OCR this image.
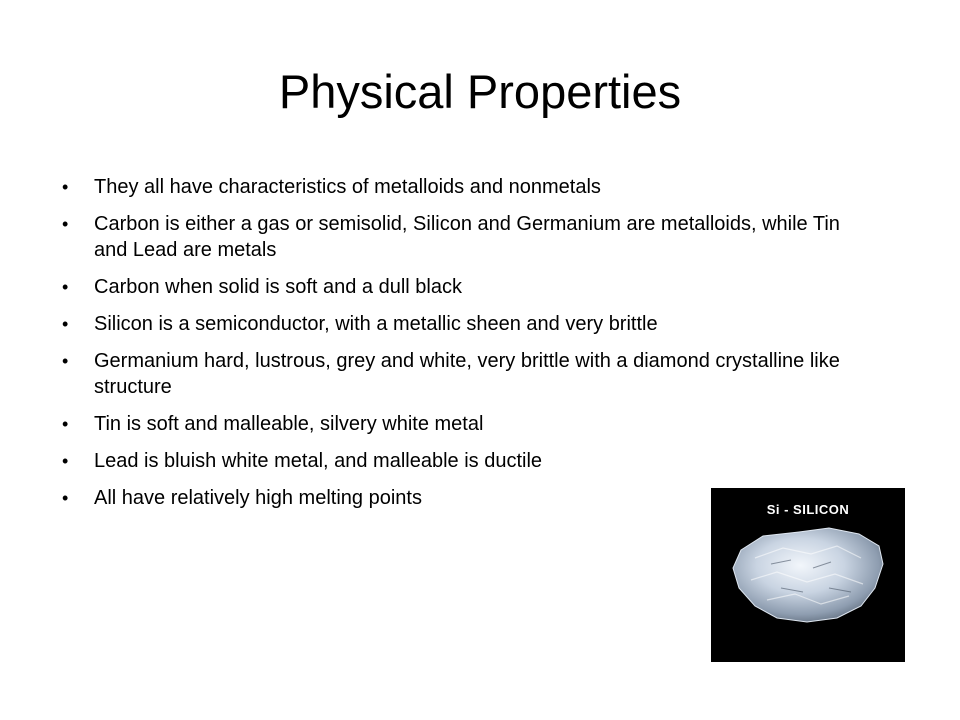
Physical Properties
• They all have characteristics of metalloids and nonmetals
• Carbon is either a gas or semisolid, Silicon and Germanium are metalloids, while Tin and Lead are metals
• Carbon when solid is soft and a dull black
• Silicon is a semiconductor, with a metallic sheen and very brittle
• Germanium hard, lustrous, grey and white, very brittle with a diamond crystalline like structure
• Tin is soft and malleable, silvery white metal
• Lead is bluish white metal, and malleable is ductile
• All have relatively high melting points
Si - SILICON
